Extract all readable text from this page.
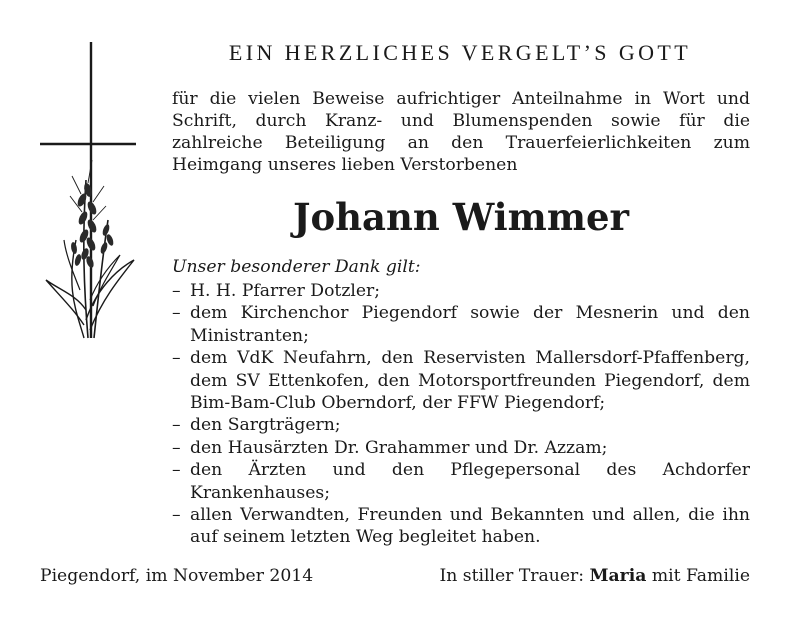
EIN HERZLICHES VERGELT’S GOTT
für die vielen Beweise aufrichtiger Anteilnahme in Wort und Schrift, durch Kranz- und Blumenspenden sowie für die zahlreiche Beteiligung an den Trauerfeierlichkeiten zum Heimgang unseres lieben Verstorbenen
Johann Wimmer
Unser besonderer Dank gilt:
– H. H. Pfarrer Dotzler;
– dem Kirchenchor Piegendorf sowie der Mesnerin und den Ministranten;
– dem VdK Neufahrn, den Reservisten Mallersdorf-Pfaffenberg, dem SV Ettenkofen, den Motorsportfreunden Piegendorf, dem Bim-Bam-Club Oberndorf, der FFW Piegendorf;
– den Sargträgern;
– den Hausärzten Dr. Grahammer und Dr. Azzam;
– den Ärzten und den Pflegepersonal des Achdorfer Krankenhauses;
– allen Verwandten, Freunden und Bekannten und allen, die ihn auf seinem letzten Weg begleitet haben.
Piegendorf, im November 2014	In stiller Trauer: Maria mit Familie
